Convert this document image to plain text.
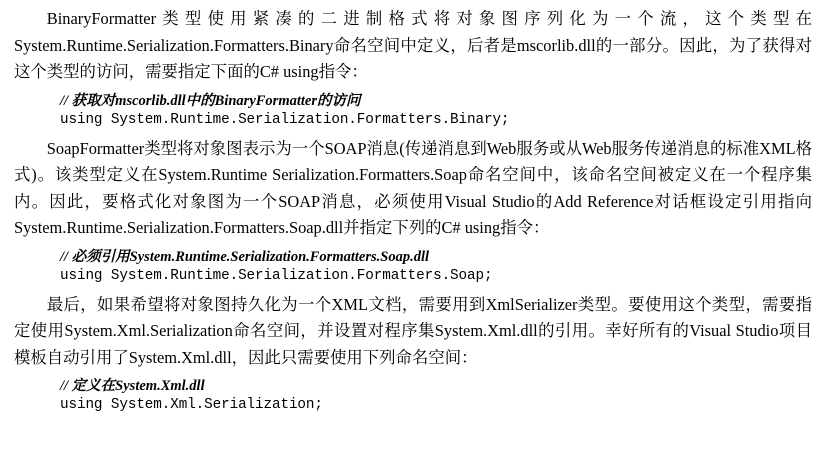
BinaryFormatter类型使用紧凑的二进制格式将对象图序列化为一个流，这个类型在System.Runtime.Serialization.Formatters.Binary命名空间中定义，后者是mscorlib.dll的一部分。因此，为了获得对这个类型的访问，需要指定下面的C# using指令：

// 获取对mscorlib.dll中的BinaryFormatter的访问
using System.Runtime.Serialization.Formatters.Binary;

SoapFormatter类型将对象图表示为一个SOAP消息(传递消息到Web服务或从Web服务传递消息的标准XML格式)。该类型定义在System.Runtime Serialization.Formatters.Soap命名空间中，该命名空间被定义在一个程序集内。因此，要格式化对象图为一个SOAP消息，必须使用Visual Studio的Add Reference对话框设定引用指向System.Runtime.Serialization.Formatters.Soap.dll并指定下列的C# using指令：

// 必须引用System.Runtime.Serialization.Formatters.Soap.dll
using System.Runtime.Serialization.Formatters.Soap;

最后，如果希望将对象图持久化为一个XML文档，需要用到XmlSerializer类型。要使用这个类型，需要指定使用System.Xml.Serialization命名空间，并设置对程序集System.Xml.dll的引用。幸好所有的Visual Studio项目模板自动引用了System.Xml.dll，因此只需要使用下列命名空间：

// 定义在System.Xml.dll
using System.Xml.Serialization;
